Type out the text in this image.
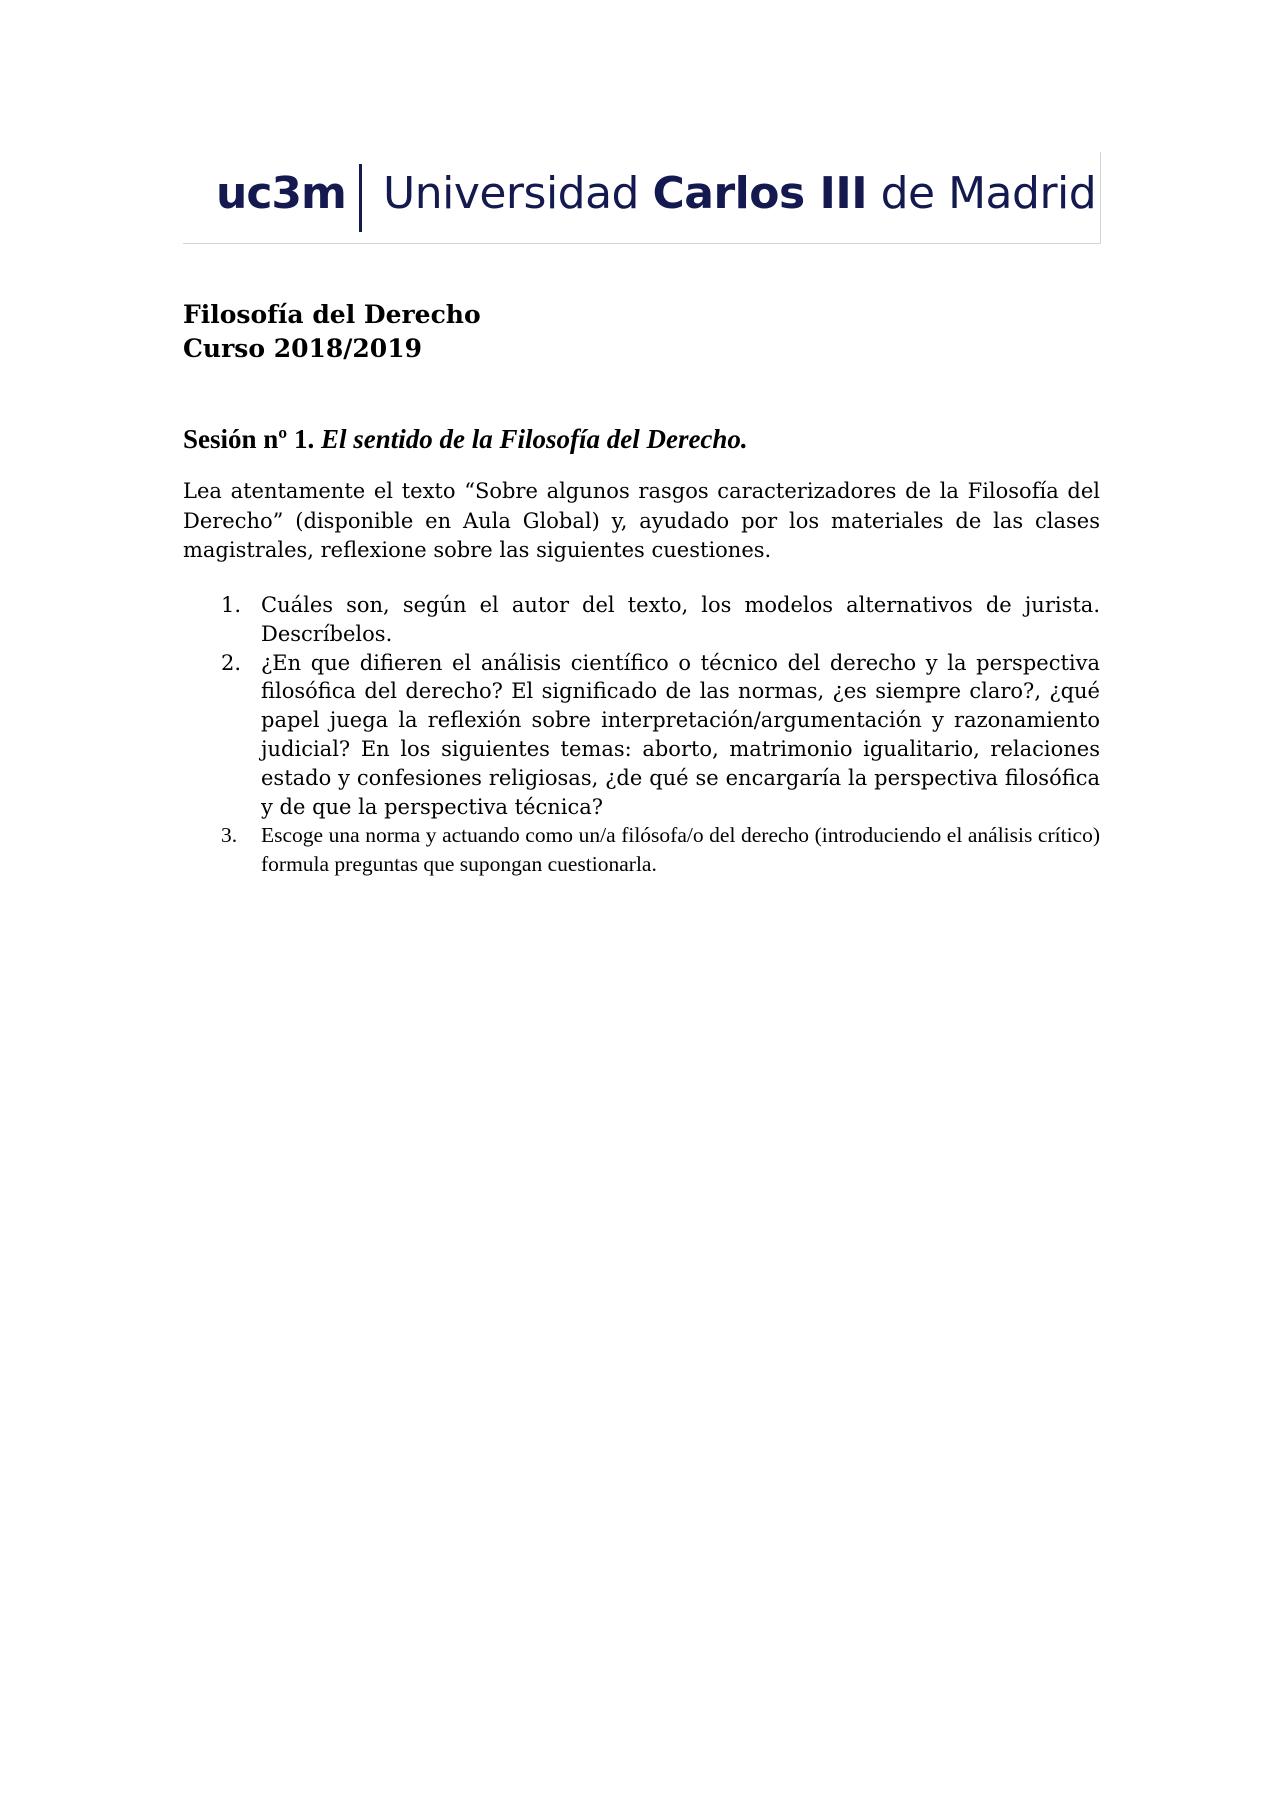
uc3m Universidad Carlos III de Madrid
Filosofía del Derecho
Curso 2018/2019
Sesión nº 1. El sentido de la Filosofía del Derecho.

Lea atentamente el texto “Sobre algunos rasgos caracterizadores de la Filosofía del Derecho” (disponible en Aula Global) y, ayudado por los materiales de las clases magistrales, reflexione sobre las siguientes cuestiones.

1. Cuáles son, según el autor del texto, los modelos alternativos de jurista. Descríbelos.
2. ¿En que difieren el análisis científico o técnico del derecho y la perspectiva filosófica del derecho? El significado de las normas, ¿es siempre claro?, ¿qué papel juega la reflexión sobre interpretación/argumentación y razonamiento judicial? En los siguientes temas: aborto, matrimonio igualitario, relaciones estado y confesiones religiosas, ¿de qué se encargaría la perspectiva filosófica y de que la perspectiva técnica?
3. Escoge una norma y actuando como un/a filósofa/o del derecho (introduciendo el análisis crítico) formula preguntas que supongan cuestionarla.
